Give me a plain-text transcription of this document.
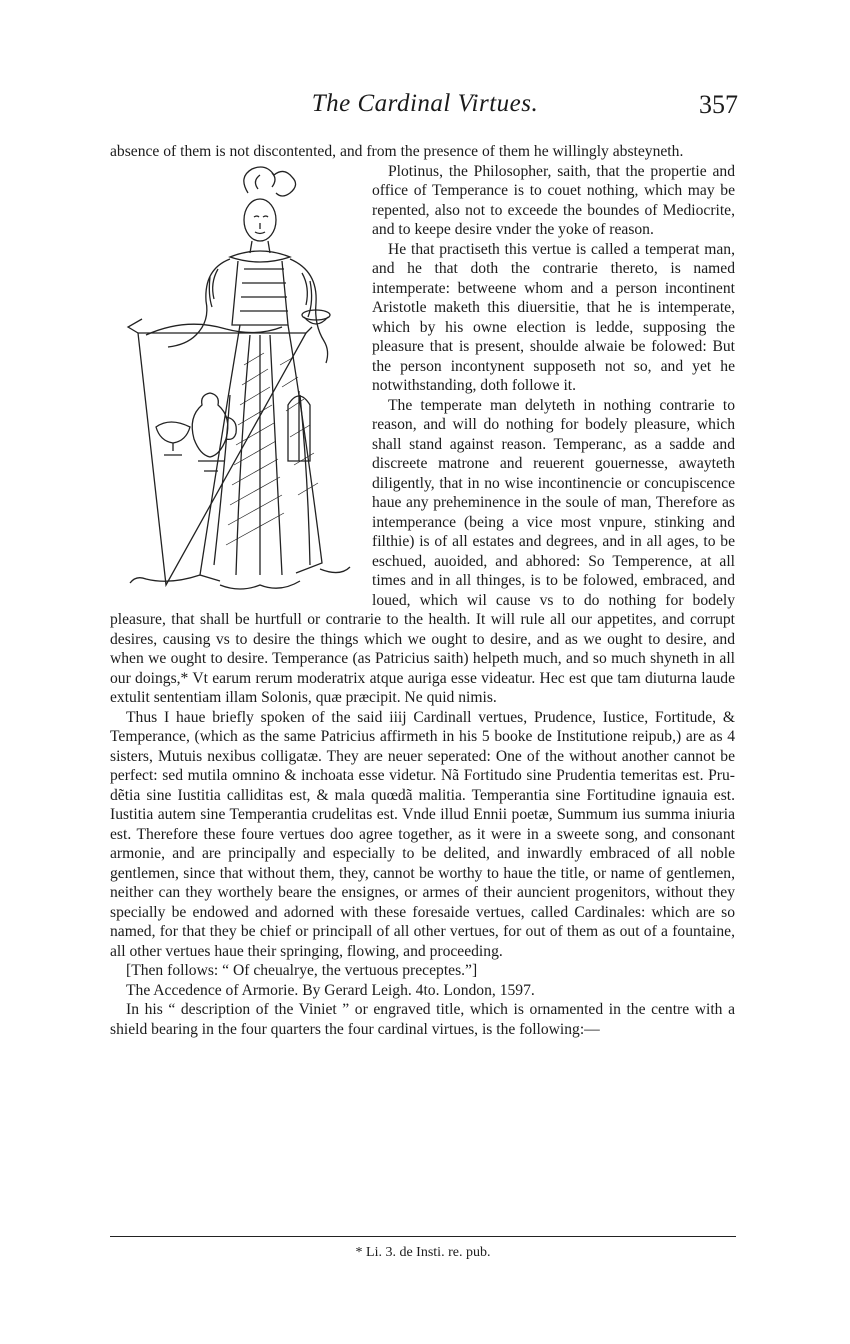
The Cardinal Virtues.	357

absence of them is not discontented, and from the presence of them he willingly absteyneth.

Plotinus, the Philosopher, saith, that the propertie and office of Temperance is to couet nothing, which may be repented, also not to exceede the boundes of Mediocrite, and to keepe desire vnder the yoke of reason.

He that practiseth this vertue is called a temperat man, and he that doth the contrarie thereto, is named intemperate: betweene whom and a person incontinent Aristotle maketh this diuersitie, that he is intemperate, which by his owne election is ledde, supposing the pleasure that is present, shoulde alwaie be folowed: But the person incontynent supposeth not so, and yet he notwithstanding, doth followe it.

The temperate man delyteth in nothing contrarie to reason, and will do nothing for bodely pleasure, which shall stand against reason. Temperanc, as a sadde and discreete matrone and reuerent gouernesse, awayteth diligently, that in no wise incontinencie or concupiscence haue any preheminence in the soule of man, Therefore as intemperance (being a vice most vnpure, stinking and filthie) is of all estates and degrees, and in all ages, to be eschued, auoided, and abhored: So Temperence, at all times and in all thinges, is to be folowed, embraced, and loued, which wil cause vs to do nothing for bodely pleasure, that shall be hurtfull or contrarie to the health. It will rule all our appetites, and corrupt desires, causing vs to desire the things which we ought to desire, and as we ought to desire, and when we ought to desire. Temperance (as Patricius saith) helpeth much, and so much shyneth in all our doings,* Vt earum rerum moderatrix atque auriga esse videatur. Hec est que tam diuturna laude extulit sententiam illam Solonis, quæ præcipit. Ne quid nimis.

Thus I haue briefly spoken of the said iiij Cardinall vertues, Prudence, Iustice, Fortitude, & Temperance, (which as the same Patricius affirmeth in his 5 booke de Institutione reipub,) are as 4 sisters, Mutuis nexibus colligatæ. They are neuer seperated: One of the without another cannot be perfect: sed mutila omnino & inchoata esse videtur. Nã Fortitudo sine Prudentia temeritas est. Prudẽtia sine Iustitia calliditas est, & mala quœdã malitia. Temperantia sine Fortitudine ignauia est. Iustitia autem sine Temperantia crudelitas est. Vnde illud Ennii poetæ, Summum ius summa iniuria est. Therefore these foure vertues doo agree together, as it were in a sweete song, and consonant armonie, and are principally and especially to be delited, and inwardly embraced of all noble gentlemen, since that without them, they, cannot be worthy to haue the title, or name of gentlemen, neither can they worthely beare the ensignes, or armes of their auncient progenitors, without they specially be endowed and adorned with these foresaide vertues, called Cardinales: which are so named, for that they be chief or principall of all other vertues, for out of them as out of a fountaine, all other vertues haue their springing, flowing, and proceeding.

[Then follows: “ Of cheualrye, the vertuous preceptes.”]

The Accedence of Armorie. By Gerard Leigh. 4to. London, 1597.

In his “ description of the Viniet ” or engraved title, which is ornamented in the centre with a shield bearing in the four quarters the four cardinal virtues, is the following:—

* Li. 3. de Insti. re. pub.
